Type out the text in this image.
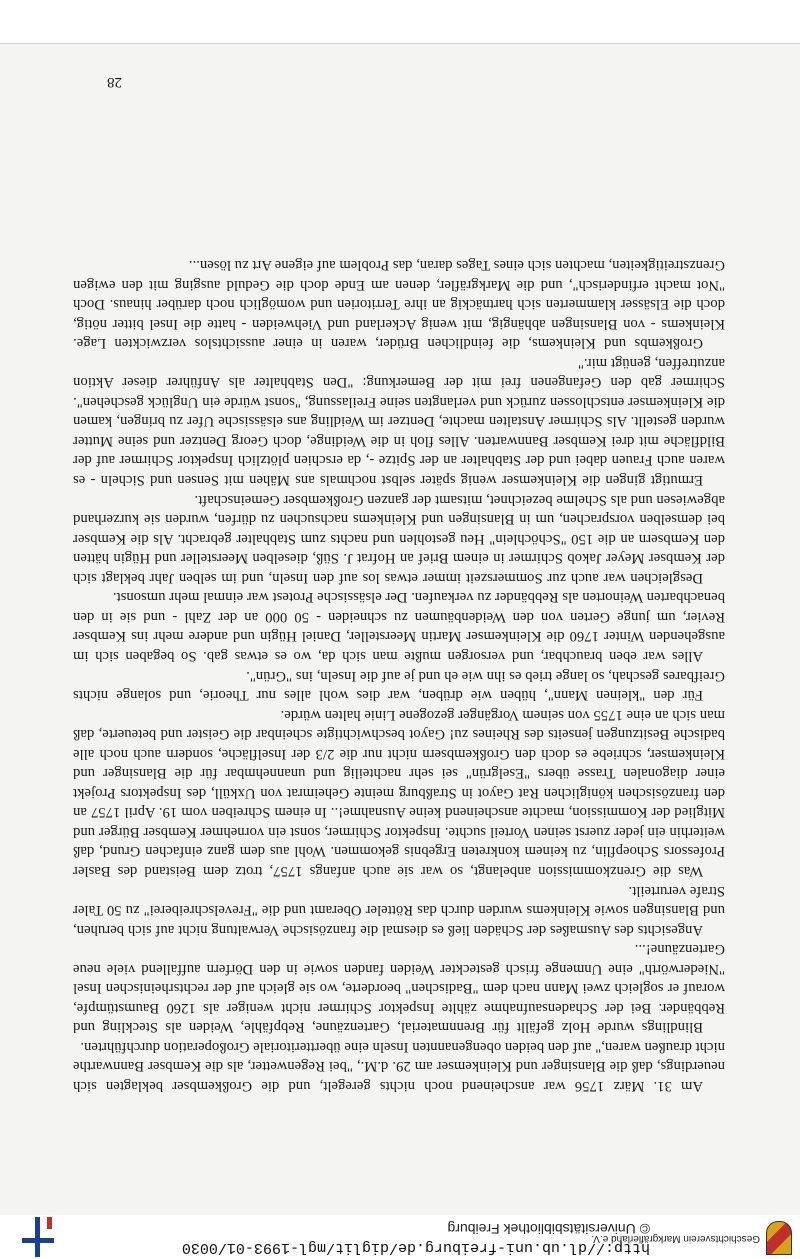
Geschichtsverein Markgräflerland e.V.
http://dl.ub.uni-freiburg.de/diglit/mgl-1993-01/0030
© Universitätsbibliothek Freiburg

Am 31. März 1756 war anscheinend noch nichts geregelt, und die Großkembser beklagten sich neuerdings, daß die Blansinger und Kleinkemser am 29. d.M., "bei Regenwetter, als die Kembser Bannwarthe nicht draußen waren," auf den beiden obengenannten Inseln eine übertteritoriale Großoperation durchführten.

Blindlings wurde Holz gefällt für Brennmaterial, Gartenzäune, Rebpfähle, Weiden als Steckling und Rebbänder. Bei der Schadensaufnahme zählte Inspektor Schirmer nicht weniger als 1260 Baumstümpfe, worauf er sogleich zwei Mann nach dem "Badischen" beorderte, wo sie gleich auf der rechtsrheinischen Insel "Niederwörth" eine Unmenge frisch gesteckter Weiden fanden sowie in den Dörfern auffallend viele neue Gartenzäune!...

Angesichts des Ausmaßes der Schäden ließ es diesmal die französische Verwaltung nicht auf sich beruhen, und Blansingen sowie Kleinkems wurden durch das Rötteler Oberamt und die "Frevelschreiberei" zu 50 Taler Strafe verurteilt.

Was die Grenzkommission anbelangt, so war sie auch anfangs 1757, trotz dem Beistand des Basler Professors Schoepflin, zu keinem konkreten Ergebnis gekommen. Wohl aus dem ganz einfachen Grund, daß weiterhin ein jeder zuerst seinen Vorteil suchte. Inspektor Schirmer, sonst ein vornehmer Kembser Bürger und Mitglied der Kommission, machte anscheinend keine Ausnahme!.. In einem Schreiben vom 19. April 1757 an den französischen königlichen Rat Gayot in Straßburg meinte Geheimrat von Uxküll, des Inspektors Projekt einer diagonalen Trasse übers "Eselgrün" sei sehr nachteilig und unannehmbar für die Blansinger und Kleinkemser, schriebe es doch den Großkembsern nicht nur die 2/3 der Inselfläche, sondern auch noch alle badische Besitzungen jenseits des Rheines zu! Gayot beschwichtigte scheinbar die Geister und beteuerte, daß man sich an eine 1755 von seinem Vorgänger gezogene Linie halten würde.

Für den "kleinen Mann", hüben wie drüben, war dies wohl alles nur Theorie, und solange nichts Greifbares geschah, so lange trieb es ihn wie eh und je auf die Inseln, ins "Grün".

Alles war eben brauchbar, und versorgen mußte man sich da, wo es etwas gab. So begaben sich im ausgehenden Winter 1760 die Kleinkemser Martin Meersteller, Daniel Hügin und andere mehr ins Kembser Revier, um junge Gerten von den Weidenbäumen zu schneiden - 50 000 an der Zahl - und sie in den benachbarten Weinorten als Rebbänder zu verkaufen. Der elsässische Protest war einmal mehr umsonst.

Desgleichen war auch zur Sommerszeit immer etwas los auf den Inseln, und im selben Jahr beklagt sich der Kembser Meyer Jakob Schirmer in einem Brief an Hofrat J. Süß, dieselben Meersteller und Hügin hätten den Kembsern an die 150 "Schöchlein" Heu gestohlen und nachts zum Stabhalter gebracht. Als die Kembser bei demselben vorsprachen, um in Blansingen und Kleinkems nachsuchen zu dürfen, wurden sie kurzerhand abgewiesen und als Schelme bezeichnet, mitsamt der ganzen Großkembser Gemeinschaft.

Ermutigt gingen die Kleinkemser wenig später selbst nochmals ans Mähen mit Sensen und Sicheln - es waren auch Frauen dabei und der Stabhalter an der Spitze -, da erschien plötzlich Inspektor Schirmer auf der Bildfläche mit drei Kembser Bannwarten. Alles floh in die Weidinge, doch Georg Dentzer und seine Mutter wurden gestellt. Als Schirmer Anstalten machte, Dentzer im Weidling ans elsässische Ufer zu bringen, kamen die Kleinkemser entschlossen zurück und verlangten seine Freilassung, "sonst würde ein Unglück geschehen". Schirmer gab den Gefangenen frei mit der Bemerkung: "Den Stabhalter als Anführer dieser Aktion anzutreffen, genügt mir."

Großkembs und Kleinkems, die feindlichen Brüder, waren in einer aussichtslos verzwickten Lage. Kleinkems - von Blansingen abhängig, mit wenig Ackerland und Viehweiden - hatte die Insel bitter nötig, doch die Elsässer klammerten sich hartnäckig an ihre Territorien und womöglich noch darüber hinaus. Doch "Not macht erfinderisch", und die Markgräfler, denen am Ende doch die Geduld ausging mit den ewigen Grenzstreitigkeiten, machten sich eines Tages daran, das Problem auf eigene Art zu lösen...

28
